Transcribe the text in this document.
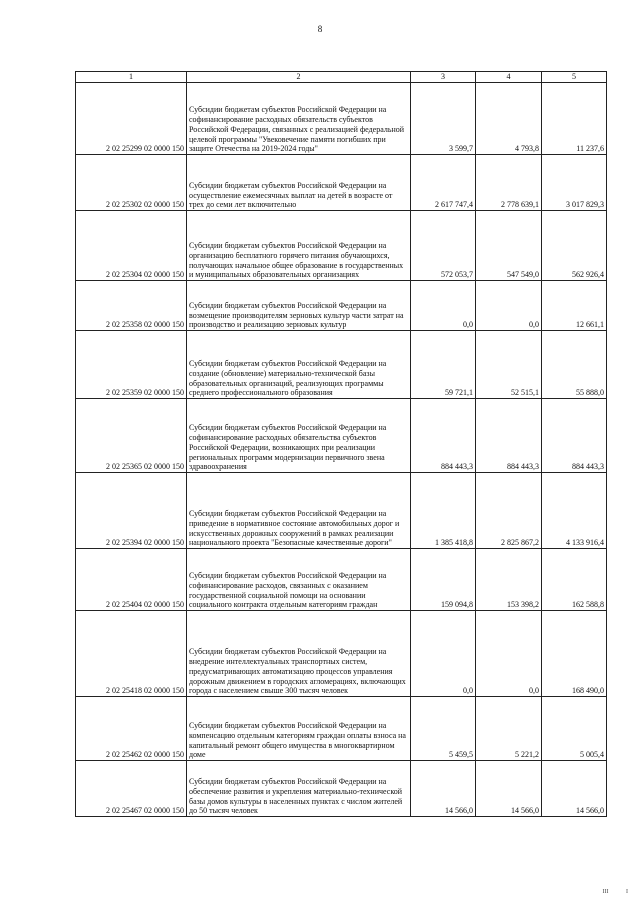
8
1	2	3	4	5
2 02 25299 02 0000 150	Субсидии бюджетам субъектов Российской Федерации на софинансирование расходных обязательств субъектов Российской Федерации, связанных с реализацией федеральной целевой программы "Увековечение памяти погибших при защите Отечества на 2019-2024 годы"	3 599,7	4 793,8	11 237,6
2 02 25302 02 0000 150	Субсидии бюджетам субъектов Российской Федерации на осуществление ежемесячных выплат на детей в возрасте от трех до семи лет включительно	2 617 747,4	2 778 639,1	3 017 829,3
2 02 25304 02 0000 150	Субсидии бюджетам субъектов Российской Федерации на организацию бесплатного горячего питания обучающихся, получающих начальное общее образование в государственных и муниципальных образовательных организациях	572 053,7	547 549,0	562 926,4
2 02 25358 02 0000 150	Субсидии бюджетам субъектов Российской Федерации на возмещение производителям зерновых культур части затрат на производство и реализацию зерновых культур	0,0	0,0	12 661,1
2 02 25359 02 0000 150	Субсидии бюджетам субъектов Российской Федерации на создание (обновление) материально-технической базы образовательных организаций, реализующих программы среднего профессионального образования	59 721,1	52 515,1	55 888,0
2 02 25365 02 0000 150	Субсидии бюджетам субъектов Российской Федерации на софинансирование расходных обязательства субъектов Российской Федерации, возникающих при реализации региональных программ модернизации первичного звена здравоохранения	884 443,3	884 443,3	884 443,3
2 02 25394 02 0000 150	Субсидии бюджетам субъектов Российской Федерации на приведение в нормативное состояние автомобильных дорог и искусственных дорожных сооружений в рамках реализации национального проекта "Безопасные качественные дороги"	1 385 418,8	2 825 867,2	4 133 916,4
2 02 25404 02 0000 150	Субсидии бюджетам субъектов Российской Федерации на софинансирование расходов, связанных с оказанием государственной социальной помощи на основании социального контракта отдельным категориям граждан	159 094,8	153 398,2	162 588,8
2 02 25418 02 0000 150	Субсидии бюджетам субъектов Российской Федерации на внедрение интеллектуальных транспортных систем, предусматривающих автоматизацию процессов управления дорожным движением в городских агломерациях, включающих города с населением свыше 300 тысяч человек	0,0	0,0	168 490,0
2 02 25462 02 0000 150	Субсидии бюджетам субъектов Российской Федерации на компенсацию отдельным категориям граждан оплаты взноса на капитальный ремонт общего имущества в многоквартирном доме	5 459,5	5 221,2	5 005,4
2 02 25467 02 0000 150	Субсидии бюджетам субъектов Российской Федерации на обеспечение развития и укрепления материально-технической базы домов культуры в населенных пунктах с числом жителей до 50 тысяч человек	14 566,0	14 566,0	14 566,0
III	I
